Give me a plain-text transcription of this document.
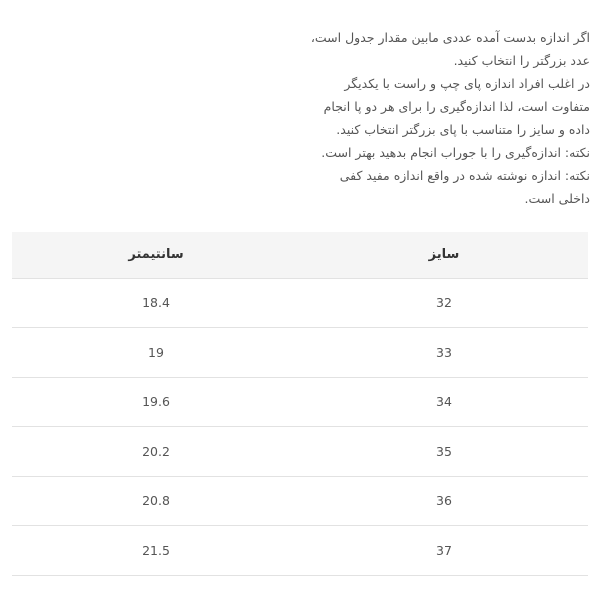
اگر اندازه بدست آمده عددی مابین مقدار جدول است،

عدد بزرگتر را انتخاب کنید.

در اغلب افراد اندازه پای چپ و راست با یکدیگر

متفاوت است، لذا اندازه‌گیری را برای هر دو پا انجام

داده و سایز را متناسب با پای بزرگتر انتخاب کنید.

نکته: اندازه‌گیری را با جوراب انجام بدهید بهتر است.

نکته: اندازه نوشته شده در واقع اندازه مفید کفی

داخلی است.

سایز	سانتیمتر
32	18.4
33	19
34	19.6
35	20.2
36	20.8
37	21.5
